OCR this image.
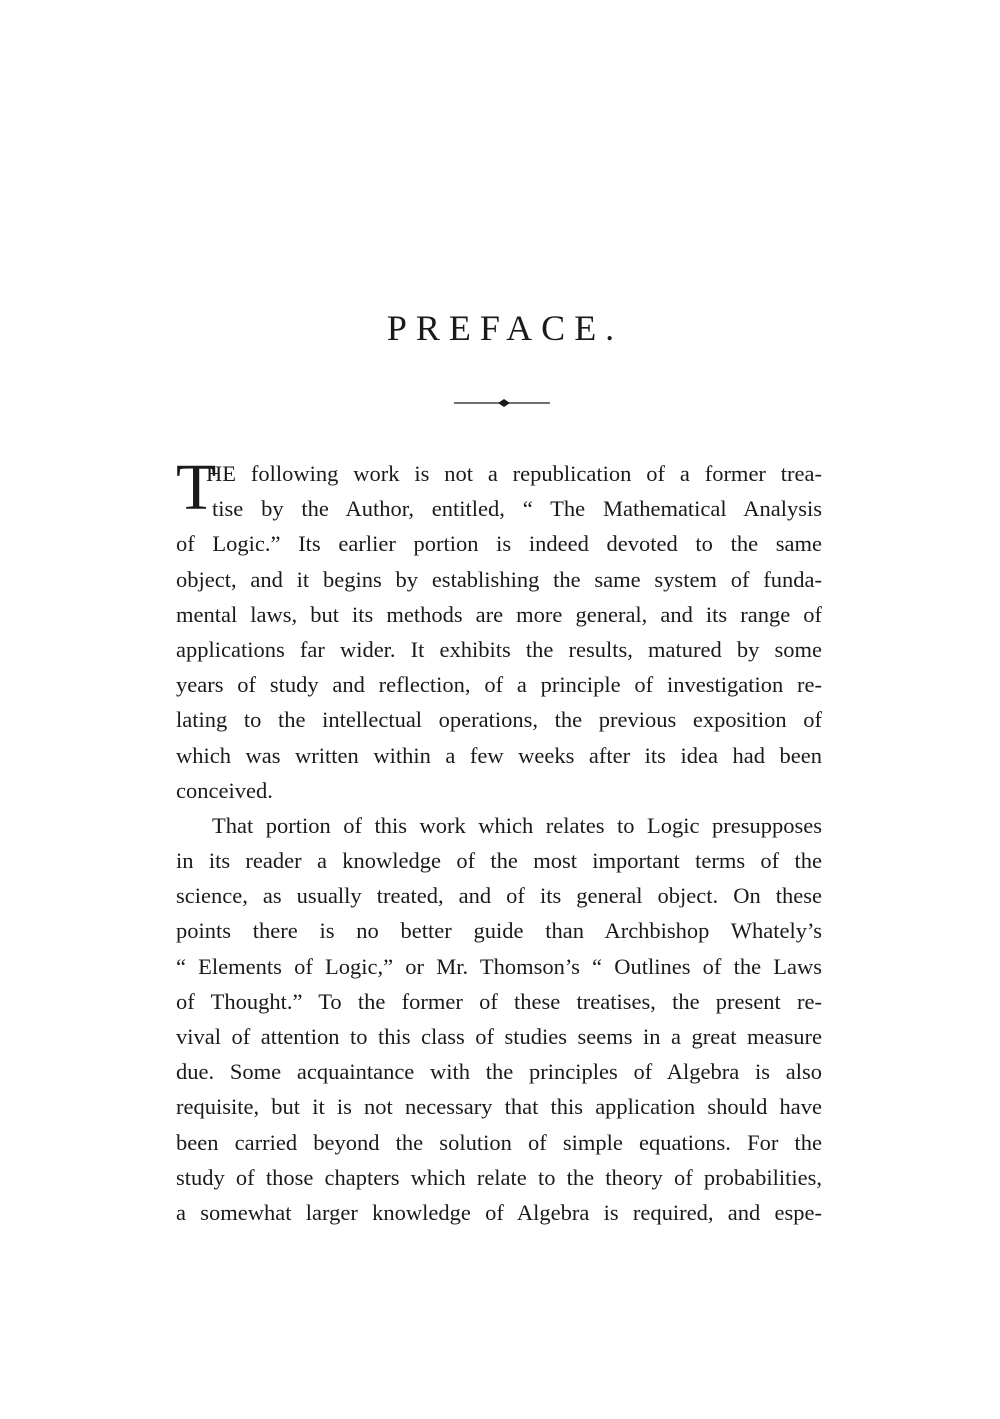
PREFACE.
T
HE following work is not a republication of a former trea-
tise by the Author, entitled, “ The Mathematical Analysis
of Logic.” Its earlier portion is indeed devoted to the same
object, and it begins by establishing the same system of funda-
mental laws, but its methods are more general, and its range of
applications far wider. It exhibits the results, matured by some
years of study and reflection, of a principle of investigation re-
lating to the intellectual operations, the previous exposition of
which was written within a few weeks after its idea had been
conceived.
That portion of this work which relates to Logic presupposes
in its reader a knowledge of the most important terms of the
science, as usually treated, and of its general object. On these
points there is no better guide than Archbishop Whately’s
“ Elements of Logic,” or Mr. Thomson’s “ Outlines of the Laws
of Thought.” To the former of these treatises, the present re-
vival of attention to this class of studies seems in a great measure
due. Some acquaintance with the principles of Algebra is also
requisite, but it is not necessary that this application should have
been carried beyond the solution of simple equations. For the
study of those chapters which relate to the theory of probabilities,
a somewhat larger knowledge of Algebra is required, and espe-
